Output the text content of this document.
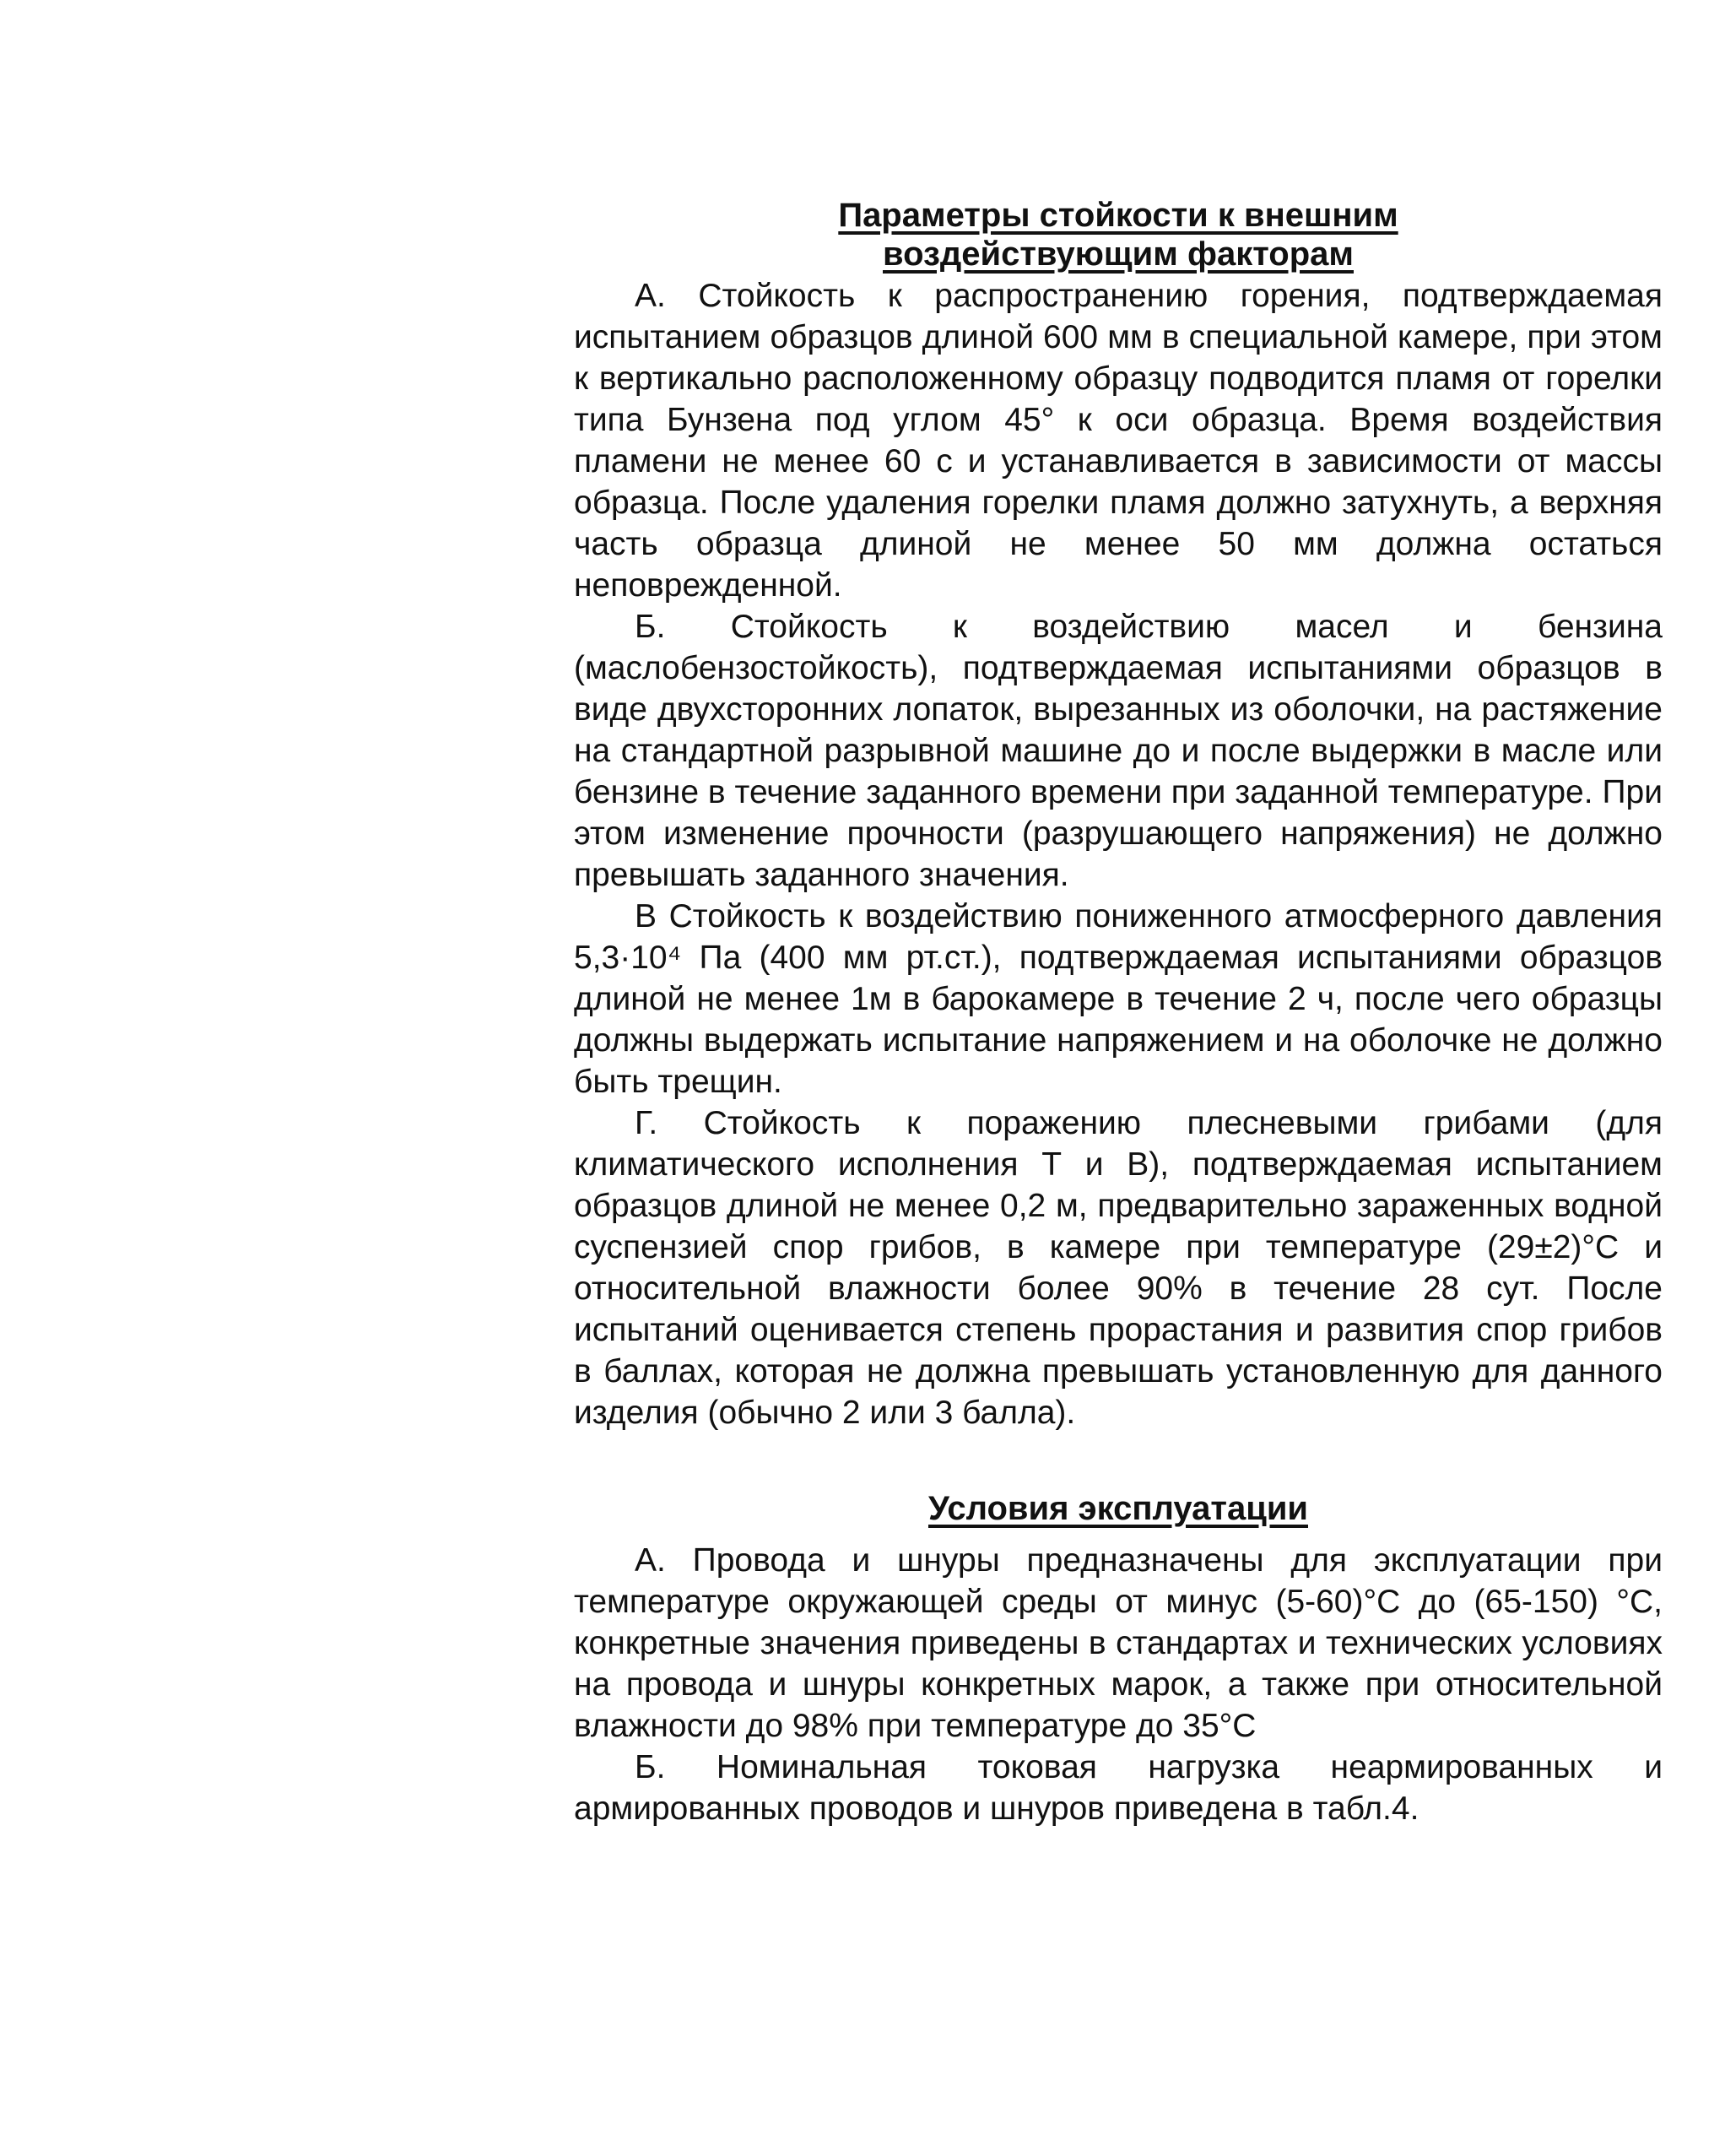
Параметры стойкости к внешним
воздействующим факторам

А. Стойкость к распространению горения, подтверждаемая испытанием образцов длиной 600 мм в специальной камере, при этом к вертикально расположенному образцу подводится пламя от горелки типа Бунзена под углом 45° к оси образца. Время воздействия пламени не менее 60 с и устанавливается в зависимости от массы образца. После удаления горелки пламя должно затухнуть, а верхняя часть образца длиной не менее 50 мм должна остаться неповрежденной.

Б. Стойкость к воздействию масел и бензина (маслобензостойкость), подтверждаемая испытаниями образцов в виде двухсторонних лопаток, вырезанных из оболочки, на растяжение на стандартной разрывной машине до и после выдержки в масле или бензине в течение заданного времени при заданной температуре. При этом изменение прочности (разрушающего напряжения) не должно превышать заданного значения.

В Стойкость к воздействию пониженного атмосферного давления 5,3·10⁴ Па (400 мм рт.ст.), подтверждаемая испытаниями образцов длиной не менее 1м в барокамере в течение 2 ч, после чего образцы должны выдержать испытание напряжением и на оболочке не должно быть трещин.

Г. Стойкость к поражению плесневыми грибами (для климатического исполнения Т и В), подтверждаемая испытанием образцов длиной не менее 0,2 м, предварительно зараженных водной суспензией спор грибов, в камере при температуре (29±2)°С и относительной влажности более 90% в течение 28 сут. После испытаний оценивается степень прорастания и развития спор грибов в баллах, которая не должна превышать установленную для данного изделия (обычно 2 или 3 балла).

Условия эксплуатации

А. Провода и шнуры предназначены для эксплуатации при температуре окружающей среды от минус (5-60)°С до (65-150) °С, конкретные значения приведены в стандартах и технических условиях на провода и шнуры конкретных марок, а также при относительной влажности до 98% при температуре до 35°С

Б. Номинальная токовая нагрузка неармированных и армированных проводов и шнуров приведена в табл.4.
